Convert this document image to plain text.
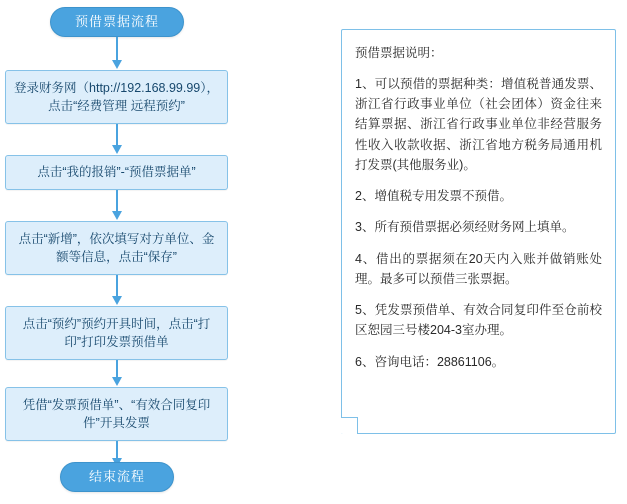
预借票据流程
登录财务网（http://192.168.99.99），点击“经费管理 远程预约”
点击“我的报销”-“预借票据单”
点击“新增”，依次填写对方单位、金额等信息，点击“保存”
点击“预约”预约开具时间，点击“打印”打印发票预借单
凭借“发票预借单”、“有效合同复印件”开具发票
结束流程

预借票据说明：

1、可以预借的票据种类：增值税普通发票、浙江省行政事业单位（社会团体）资金往来结算票据、浙江省行政事业单位非经营服务性收入收款收据、浙江省地方税务局通用机打发票(其他服务业)。

2、增值税专用发票不预借。

3、所有预借票据必须经财务网上填单。

4、借出的票据须在20天内入账并做销账处理。最多可以预借三张票据。

5、凭发票预借单、有效合同复印件至仓前校区恕园三号楼204-3室办理。

6、咨询电话：28861106。
